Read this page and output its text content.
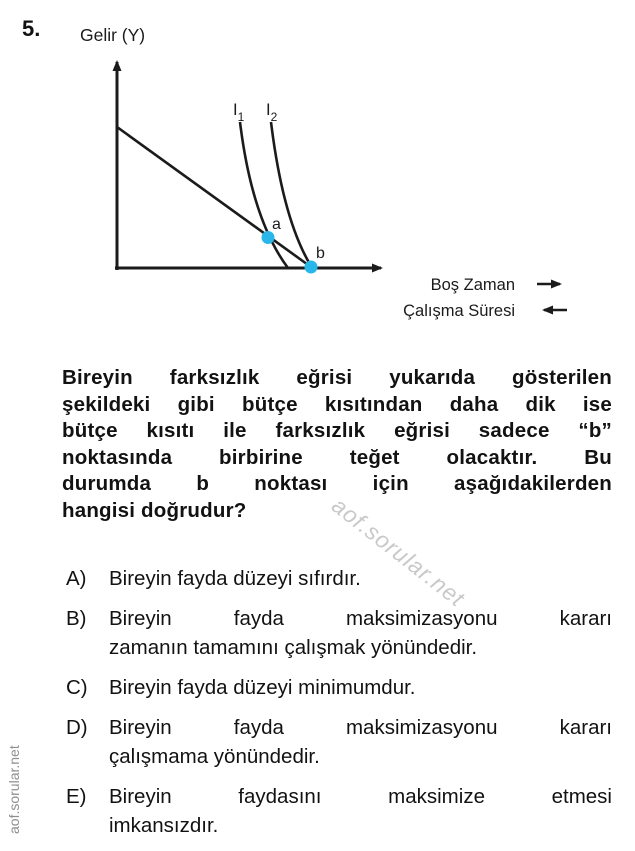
5. Gelir (Y)
$I_1$ $I_2$
a
b
Boş Zaman
Çalışma Süresi
Bireyin farksızlık eğrisi yukarıda gösterilen
şekildeki gibi bütçe kısıtından daha dik ise
bütçe kısıtı ile farksızlık eğrisi sadece “b”
noktasında birbirine teğet olacaktır. Bu
durumda b noktası için aşağıdakilerden
hangisi doğrudur?
A)	Bireyin fayda düzeyi sıfırdır.
B)	Bireyin fayda maksimizasyonu kararı
zamanın tamamını çalışmak yönündedir.
C)	Bireyin fayda düzeyi minimumdur.
D)	Bireyin fayda maksimizasyonu kararı
çalışmama yönündedir.
E)	Bireyin faydasını maksimize etmesi
imkansızdır.
aof.sorular.net
aof.sorular.net
